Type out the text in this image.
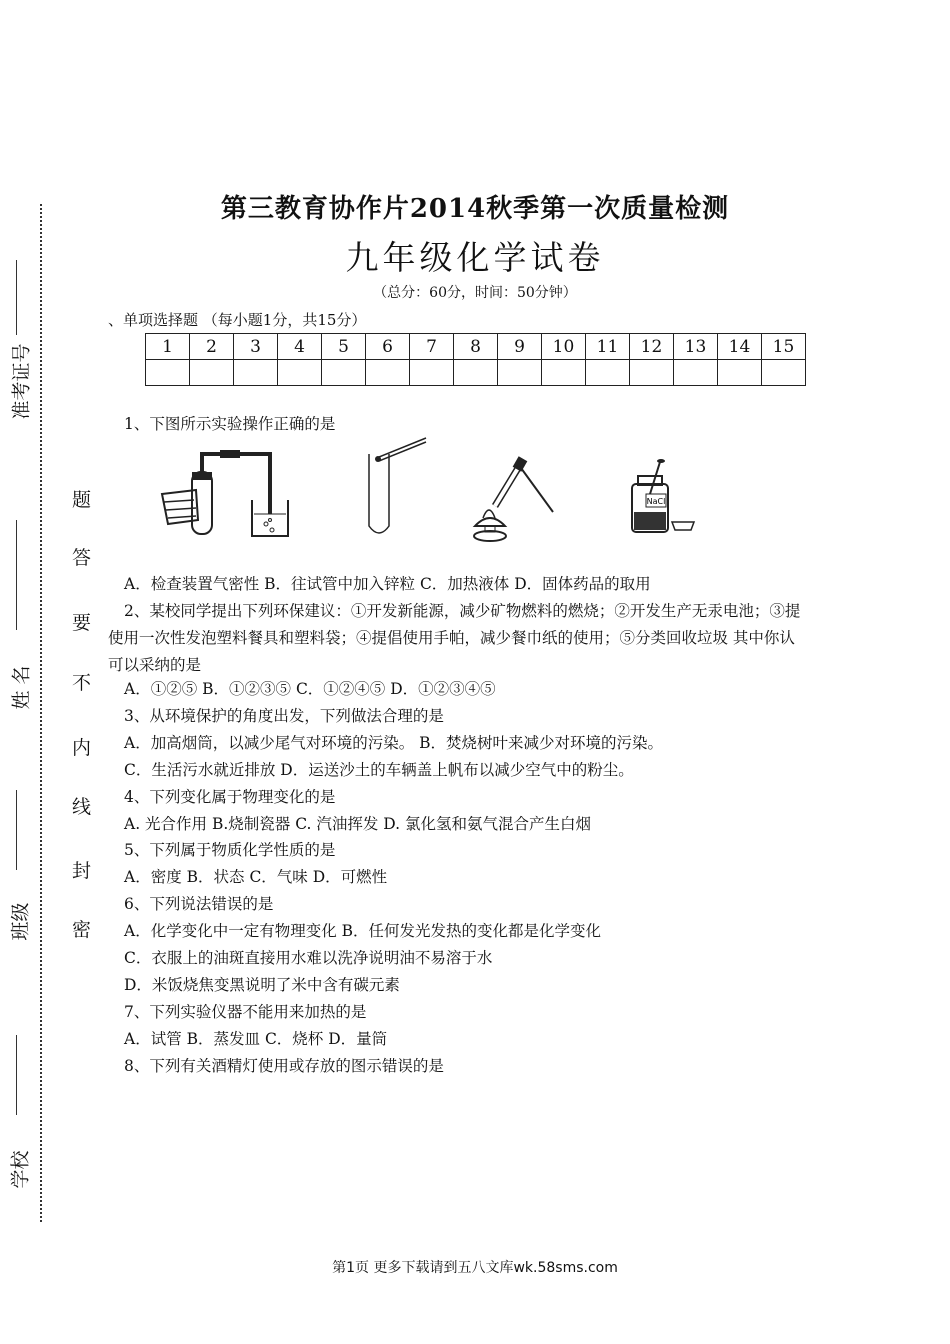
准考证号
姓 名
班级
学校
题
答
要
不
内
线
封
密
第三教育协作片2014秋季第一次质量检测
九年级化学试卷
（总分：60分，时间：50分钟）
、单项选择题 （每小题1分，共15分）
1	2	3	4	5	6	7	8	9	10	11	12	13	14	15

1、下图所示实验操作正确的是
NaCl
A．检查装置气密性 B．往试管中加入锌粒 C．加热液体 D．固体药品的取用
2、某校同学提出下列环保建议：①开发新能源，减少矿物燃料的燃烧；②开发生产无汞电池；③提
使用一次性发泡塑料餐具和塑料袋；④提倡使用手帕，减少餐巾纸的使用；⑤分类回收垃圾 其中你认
可以采纳的是
A．①②⑤ B．①②③⑤ C．①②④⑤ D．①②③④⑤
3、从环境保护的角度出发，下列做法合理的是
A．加高烟筒，以减少尾气对环境的污染。 B．焚烧树叶来减少对环境的污染。
C．生活污水就近排放 D．运送沙土的车辆盖上帆布以减少空气中的粉尘。
4、下列变化属于物理变化的是
A. 光合作用 B.烧制瓷器 C. 汽油挥发 D. 氯化氢和氨气混合产生白烟
5、下列属于物质化学性质的是
A．密度 B．状态 C．气味 D．可燃性
6、下列说法错误的是
A．化学变化中一定有物理变化 B．任何发光发热的变化都是化学变化
C．衣服上的油斑直接用水难以洗净说明油不易溶于水
D．米饭烧焦变黑说明了米中含有碳元素
7、下列实验仪器不能用来加热的是
A．试管 B．蒸发皿 C．烧杯 D．量筒
8、下列有关酒精灯使用或存放的图示错误的是
第1页 更多下载请到五八文库wk.58sms.com
